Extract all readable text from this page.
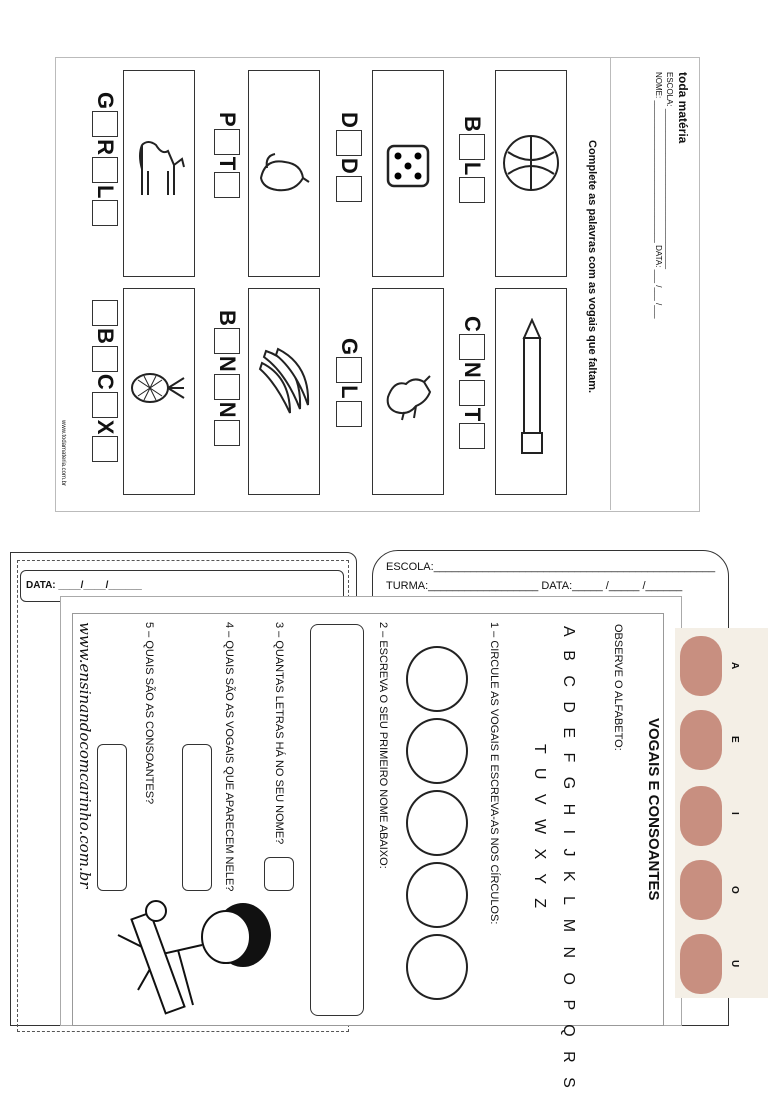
toda matéria
ESCOLA: ____________________________________
NOME: ________________________________ DATA: ___ /___ /___
Complete as palavras com as vogais que faltam.
www.todamateria.com.br
BL
CNT
DD
GL
PT
BNN
GRL
BCX
DATA: ____/____/______
ESCOLA:______________________________________________
TURMA:__________________ DATA:_____ /_____ /______
VOGAIS E CONSOANTES
OBSERVE O ALFABETO:
A B C D E F G H I J K L M N O P Q R S
T U V W X Y Z
1 – CIRCULE AS VOGAIS E ESCREVA-AS NOS CÍRCULOS:
2 – ESCREVA O SEU PRIMEIRO NOME ABAIXO:
3 – QUANTAS LETRAS HÁ NO SEU NOME?
4 – QUAIS SÃO AS VOGAIS QUE APARECEM NELE?
5 – QUAIS SÃO AS CONSOANTES?
www.ensinandocomcarinho.com.br	A
E
I
O
U
